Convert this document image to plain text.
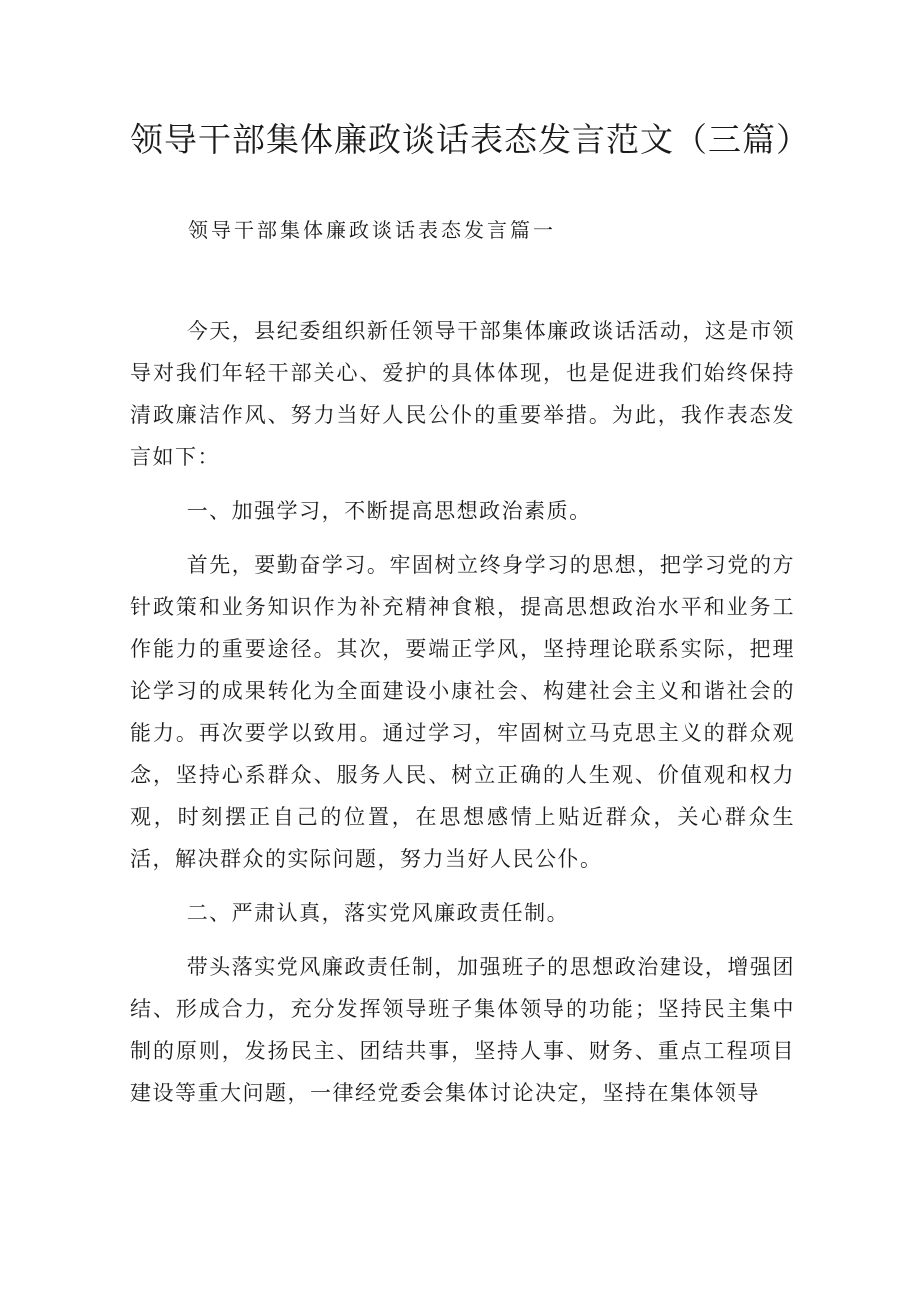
领导干部集体廉政谈话表态发言范文（三篇）

领导干部集体廉政谈话表态发言篇一

今天，县纪委组织新任领导干部集体廉政谈话活动，这是市领导对我们年轻干部关心、爱护的具体体现，也是促进我们始终保持清政廉洁作风、努力当好人民公仆的重要举措。为此，我作表态发言如下：

一、加强学习，不断提高思想政治素质。

首先，要勤奋学习。牢固树立终身学习的思想，把学习党的方针政策和业务知识作为补充精神食粮，提高思想政治水平和业务工作能力的重要途径。其次，要端正学风，坚持理论联系实际，把理论学习的成果转化为全面建设小康社会、构建社会主义和谐社会的能力。再次要学以致用。通过学习，牢固树立马克思主义的群众观念，坚持心系群众、服务人民、树立正确的人生观、价值观和权力观，时刻摆正自己的位置，在思想感情上贴近群众，关心群众生活，解决群众的实际问题，努力当好人民公仆。

二、严肃认真，落实党风廉政责任制。

带头落实党风廉政责任制，加强班子的思想政治建设，增强团结、形成合力，充分发挥领导班子集体领导的功能；坚持民主集中制的原则，发扬民主、团结共事，坚持人事、财务、重点工程项目建设等重大问题，一律经党委会集体讨论决定，坚持在集体领导
